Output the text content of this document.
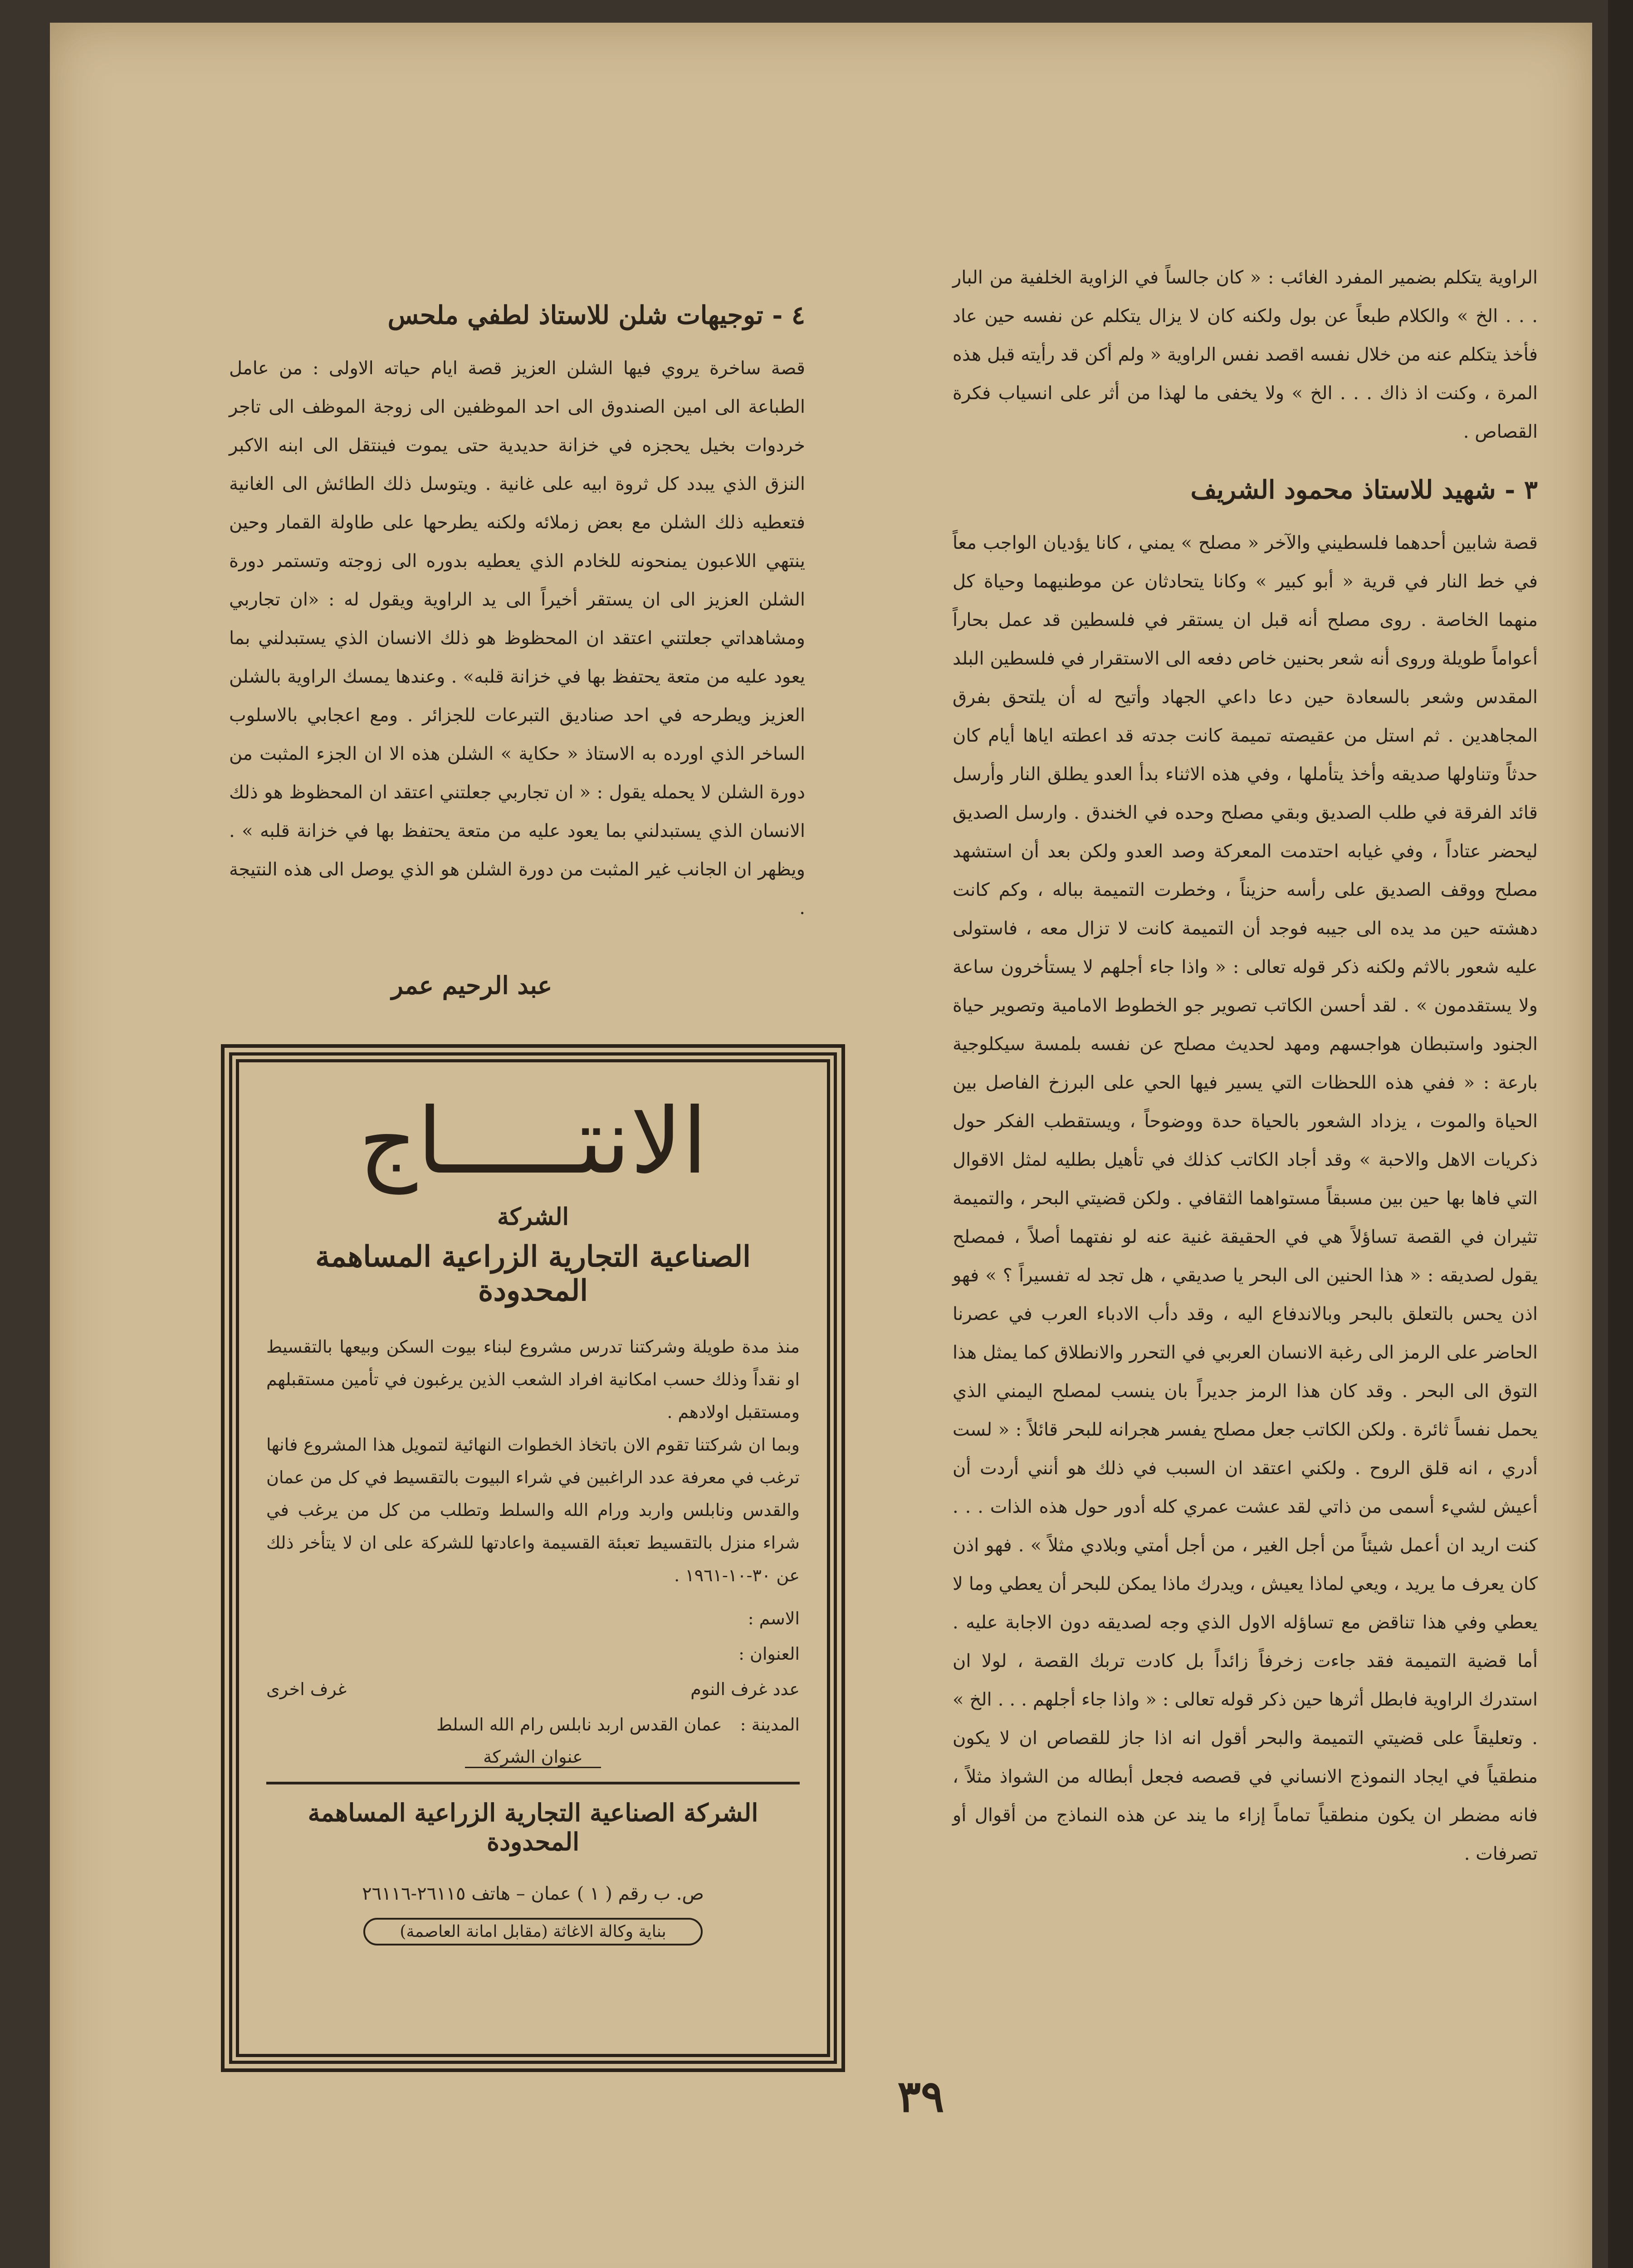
الراوية يتكلم بضمير المفرد الغائب : « كان جالساً في الزاوية الخلفية من البار . . . الخ » والكلام طبعاً عن بول ولكنه كان لا يزال يتكلم عن نفسه حين عاد فأخذ يتكلم عنه من خلال نفسه اقصد نفس الراوية « ولم أكن قد رأيته قبل هذه المرة ، وكنت اذ ذاك . . . الخ » ولا يخفى ما لهذا من أثر على انسياب فكرة القصاص .

٣ - شهيد للاستاذ محمود الشريف

قصة شابين أحدهما فلسطيني والآخر « مصلح » يمني ، كانا يؤديان الواجب معاً في خط النار في قرية « أبو كبير » وكانا يتحادثان عن موطنيهما وحياة كل منهما الخاصة . روى مصلح أنه قبل ان يستقر في فلسطين قد عمل بحاراً أعواماً طويلة وروى أنه شعر بحنين خاص دفعه الى الاستقرار في فلسطين البلد المقدس وشعر بالسعادة حين دعا داعي الجهاد وأتيح له أن يلتحق بفرق المجاهدين . ثم استل من عقيصته تميمة كانت جدته قد اعطته اياها أيام كان حدثاً وتناولها صديقه وأخذ يتأملها ، وفي هذه الاثناء بدأ العدو يطلق النار وأرسل قائد الفرقة في طلب الصديق وبقي مصلح وحده في الخندق . وارسل الصديق ليحضر عتاداً ، وفي غيابه احتدمت المعركة وصد العدو ولكن بعد أن استشهد مصلح ووقف الصديق على رأسه حزيناً ، وخطرت التميمة بباله ، وكم كانت دهشته حين مد يده الى جيبه فوجد أن التميمة كانت لا تزال معه ، فاستولى عليه شعور بالاثم ولكنه ذكر قوله تعالى : « واذا جاء أجلهم لا يستأخرون ساعة ولا يستقدمون » . لقد أحسن الكاتب تصوير جو الخطوط الامامية وتصوير حياة الجنود واستبطان هواجسهم ومهد لحديث مصلح عن نفسه بلمسة سيكلوجية بارعة : « ففي هذه اللحظات التي يسير فيها الحي على البرزخ الفاصل بين الحياة والموت ، يزداد الشعور بالحياة حدة ووضوحاً ، ويستقطب الفكر حول ذكريات الاهل والاحبة » وقد أجاد الكاتب كذلك في تأهيل بطليه لمثل الاقوال التي فاها بها حين بين مسبقاً مستواهما الثقافي . ولكن قضيتي البحر ، والتميمة تثيران في القصة تساؤلاً هي في الحقيقة غنية عنه لو نفتهما أصلاً ، فمصلح يقول لصديقه : « هذا الحنين الى البحر يا صديقي ، هل تجد له تفسيراً ؟ » فهو اذن يحس بالتعلق بالبحر وبالاندفاع اليه ، وقد دأب الادباء العرب في عصرنا الحاضر على الرمز الى رغبة الانسان العربي في التحرر والانطلاق كما يمثل هذا التوق الى البحر . وقد كان هذا الرمز جديراً بان ينسب لمصلح اليمني الذي يحمل نفساً ثائرة . ولكن الكاتب جعل مصلح يفسر هجرانه للبحر قائلاً : « لست أدري ، انه قلق الروح . ولكني اعتقد ان السبب في ذلك هو أنني أردت أن أعيش لشيء أسمى من ذاتي لقد عشت عمري كله أدور حول هذه الذات . . . كنت اريد ان أعمل شيئاً من أجل الغير ، من أجل أمتي وبلادي مثلاً » . فهو اذن كان يعرف ما يريد ، ويعي لماذا يعيش ، ويدرك ماذا يمكن للبحر أن يعطي وما لا يعطي وفي هذا تناقض مع تساؤله الاول الذي وجه لصديقه دون الاجابة عليه . أما قضية التميمة فقد جاءت زخرفاً زائداً بل كادت تربك القصة ، لولا ان استدرك الراوية فابطل أثرها حين ذكر قوله تعالى : « واذا جاء أجلهم . . . الخ » . وتعليقاً على قضيتي التميمة والبحر أقول انه اذا جاز للقصاص ان لا يكون منطقياً في ايجاد النموذج الانساني في قصصه فجعل أبطاله من الشواذ مثلاً ، فانه مضطر ان يكون منطقياً تماماً إزاء ما يند عن هذه النماذج من أقوال أو تصرفات .

٤ - توجيهات شلن للاستاذ لطفي ملحس

قصة ساخرة يروي فيها الشلن العزيز قصة ايام حياته الاولى : من عامل الطباعة الى امين الصندوق الى احد الموظفين الى زوجة الموظف الى تاجر خردوات بخيل يحجزه في خزانة حديدية حتى يموت فينتقل الى ابنه الاكبر النزق الذي يبدد كل ثروة ابيه على غانية . ويتوسل ذلك الطائش الى الغانية فتعطيه ذلك الشلن مع بعض زملائه ولكنه يطرحها على طاولة القمار وحين ينتهي اللاعبون يمنحونه للخادم الذي يعطيه بدوره الى زوجته وتستمر دورة الشلن العزيز الى ان يستقر أخيراً الى يد الراوية ويقول له : «ان تجاربي ومشاهداتي جعلتني اعتقد ان المحظوظ هو ذلك الانسان الذي يستبدلني بما يعود عليه من متعة يحتفظ بها في خزانة قلبه» . وعندها يمسك الراوية بالشلن العزيز ويطرحه في احد صناديق التبرعات للجزائر . ومع اعجابي بالاسلوب الساخر الذي اورده به الاستاذ « حكاية » الشلن هذه الا ان الجزء المثبت من دورة الشلن لا يحمله يقول : « ان تجاربي جعلتني اعتقد ان المحظوظ هو ذلك الانسان الذي يستبدلني بما يعود عليه من متعة يحتفظ بها في خزانة قلبه » . ويظهر ان الجانب غير المثبت من دورة الشلن هو الذي يوصل الى هذه النتيجة .

عبد الرحيم عمر
الانتـــــاج
الشركة
الصناعية التجارية الزراعية المساهمة المحدودة

منذ مدة طويلة وشركتنا تدرس مشروع لبناء بيوت السكن وبيعها بالتقسيط او نقداً وذلك حسب امكانية افراد الشعب الذين يرغبون في تأمين مستقبلهم ومستقبل اولادهم .

وبما ان شركتنا تقوم الان باتخاذ الخطوات النهائية لتمويل هذا المشروع فانها ترغب في معرفة عدد الراغبين في شراء البيوت بالتقسيط في كل من عمان والقدس ونابلس واربد ورام الله والسلط وتطلب من كل من يرغب في شراء منزل بالتقسيط تعبئة القسيمة واعادتها للشركة على ان لا يتأخر ذلك عن ٣٠-١٠-١٩٦١ .

الاسم :
العنوان :
عدد غرف النوم
غرف اخرى
المدينة :
عمان القدس اربد نابلس رام الله السلط
عنوان الشركة
الشركة الصناعية التجارية الزراعية المساهمة المحدودة
ص. ب رقم ( ١ ) عمان – هاتف ٢٦١١٥-٢٦١١٦
بناية وكالة الاغاثة (مقابل امانة العاصمة)
٣٩
